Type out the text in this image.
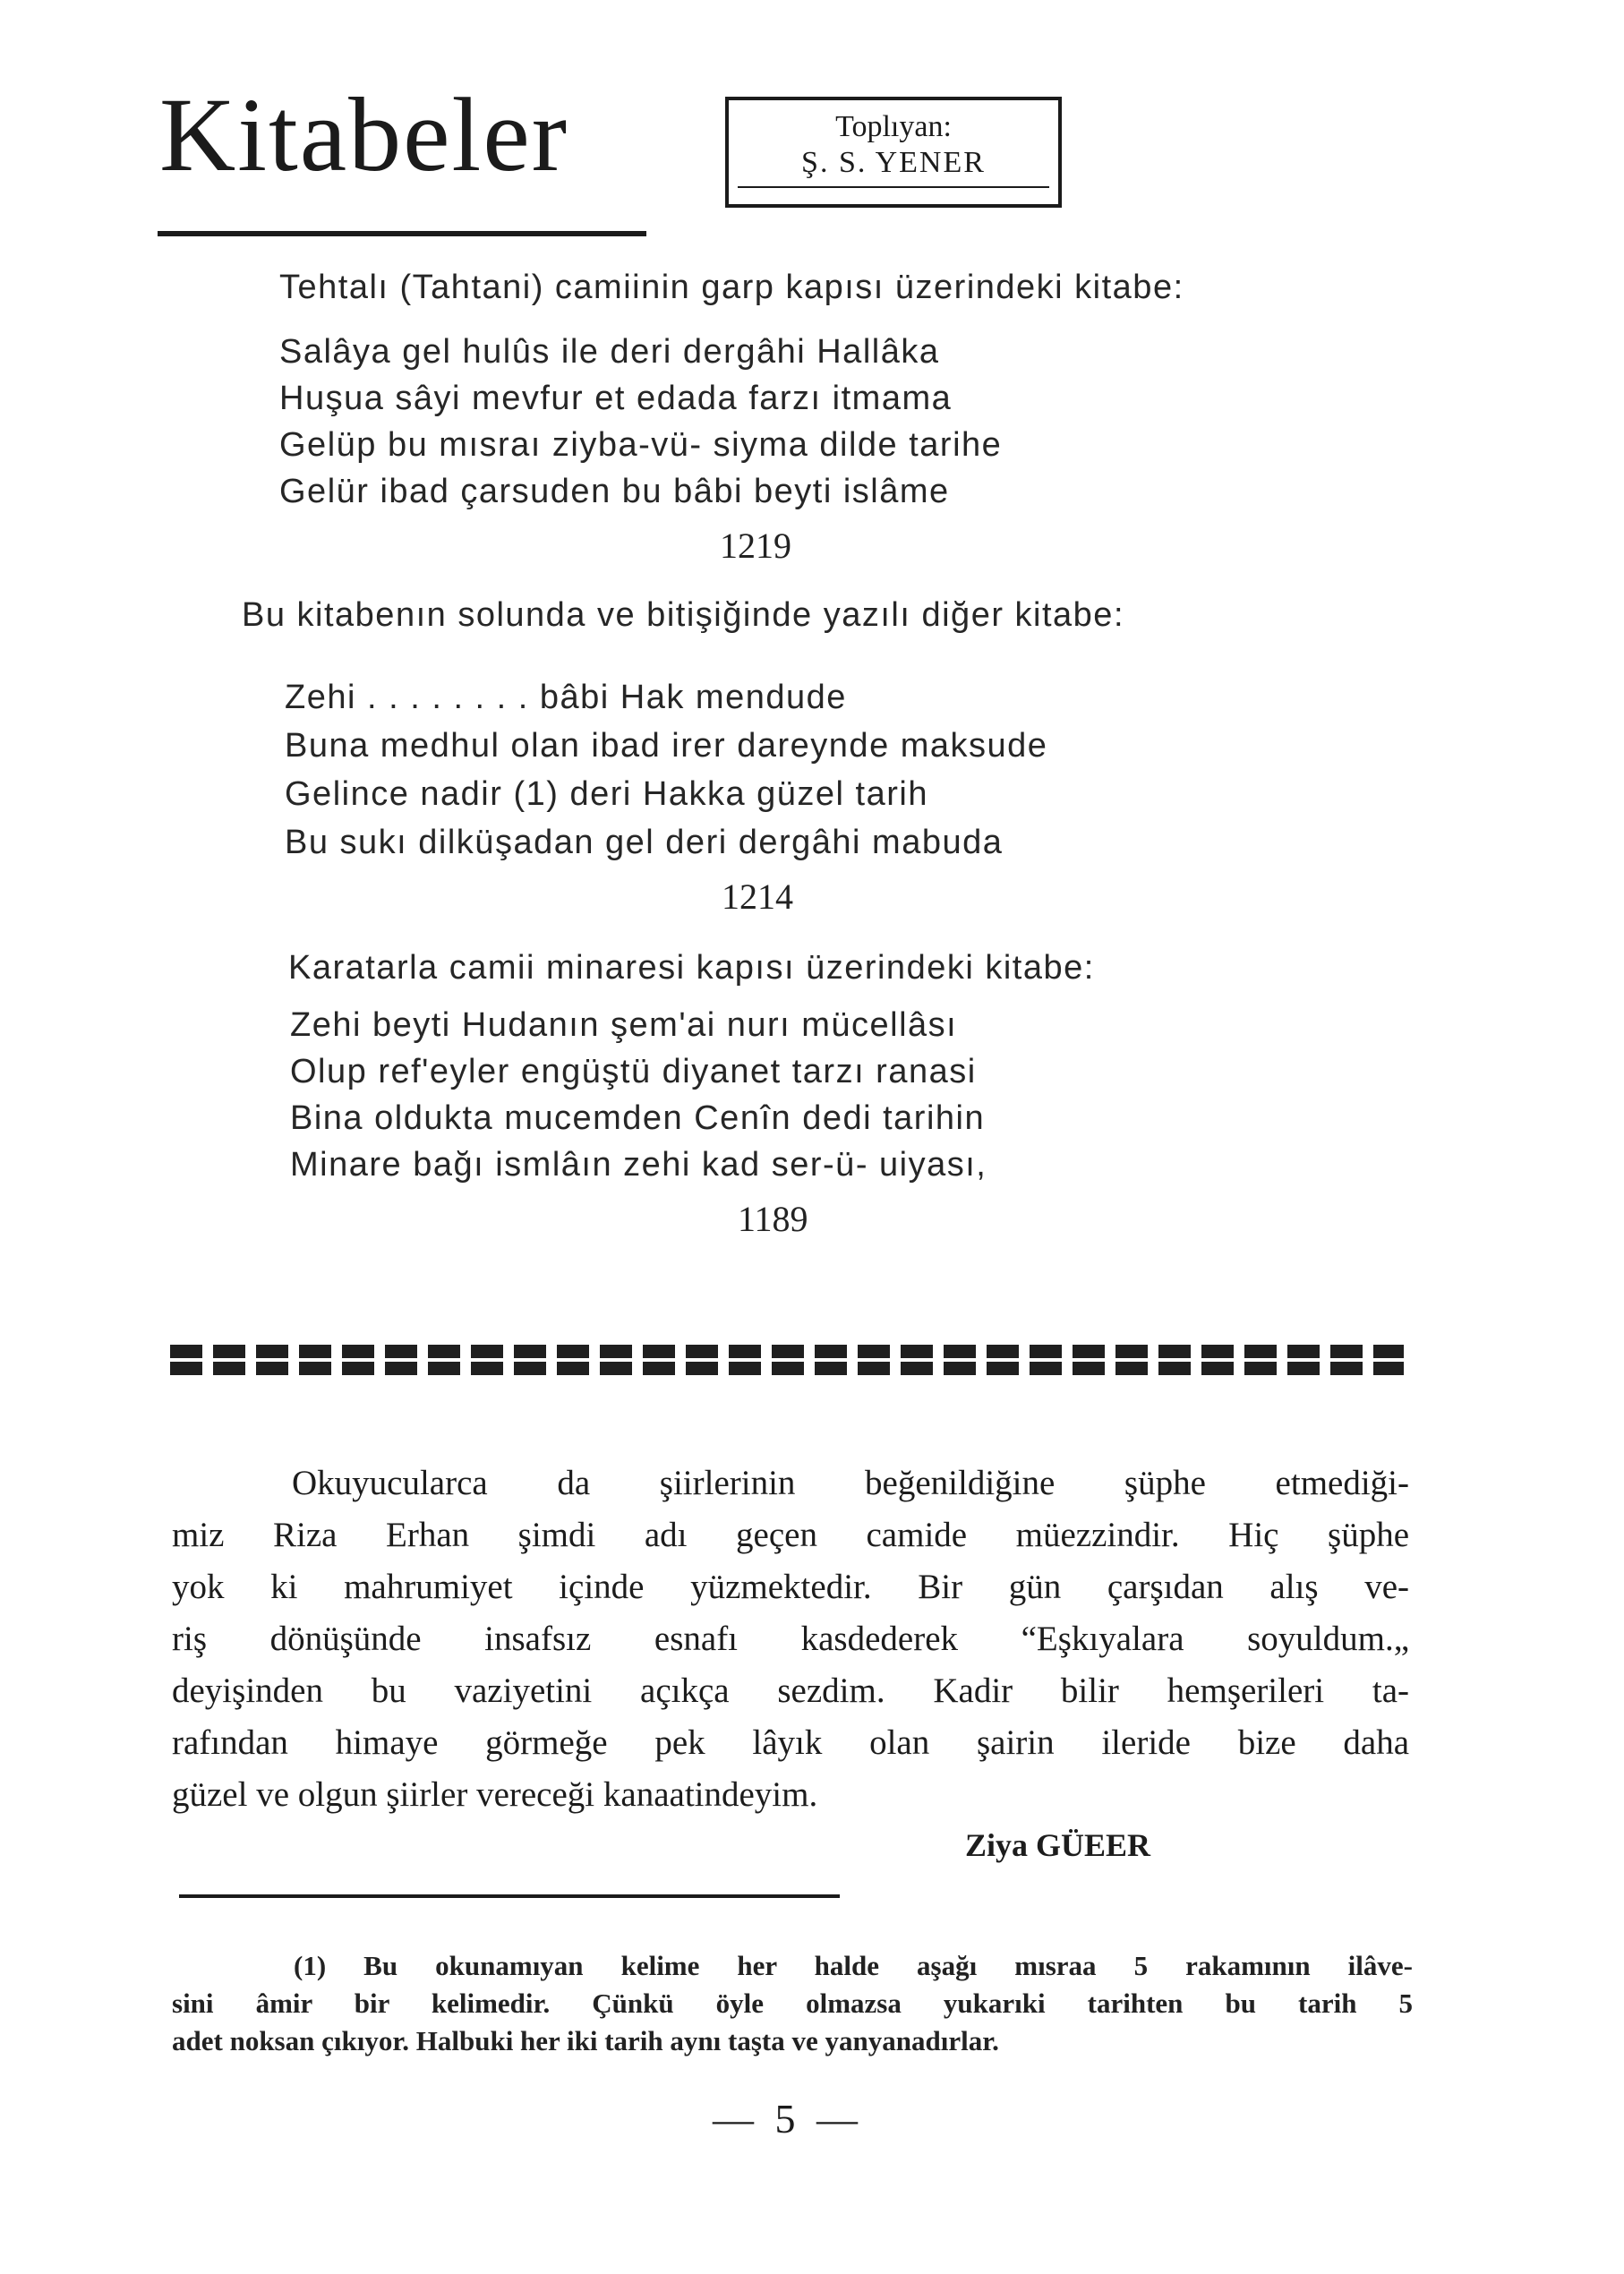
Kitabeler	Toplıyan:
Ş. S. YENER
Tehtalı (Tahtani) camiinin garp kapısı üzerindeki kitabe:
Salâya gel hulûs ile deri dergâhi Hallâka
Huşua sâyi mevfur et edada farzı itmama
Gelüp bu mısraı ziyba-vü- siyma dilde tarihe
Gelür ibad çarsuden bu bâbi beyti islâme
1219
Bu kitabenın solunda ve bitişiğinde yazılı diğer kitabe:
Zehi . . . . . . . . bâbi Hak mendude
Buna medhul olan ibad irer dareynde maksude
Gelince nadir (1) deri Hakka güzel tarih
Bu sukı dilküşadan gel deri dergâhi mabuda
1214
Karatarla camii minaresi kapısı üzerindeki kitabe:
Zehi beyti Hudanın şem'ai nurı mücellâsı
Olup ref'eyler engüştü diyanet tarzı ranasi
Bina oldukta mucemden Cenîn dedi tarihin
Minare bağı ismlâın zehi kad ser-ü- uiyası,
1189
Okuyucularca da şiirlerinin beğenildiğine şüphe etmediği-
miz Riza Erhan şimdi adı geçen camide müezzindir. Hiç şüphe
yok ki mahrumiyet içinde yüzmektedir. Bir gün çarşıdan alış ve-
riş dönüşünde insafsız esnafı kasdederek “Eşkıyalara soyuldum.„
deyişinden bu vaziyetini açıkça sezdim. Kadir bilir hemşerileri ta-
rafından himaye görmeğe pek lâyık olan şairin ileride bize daha
güzel ve olgun şiirler vereceği kanaatindeyim.
Ziya GÜEER
(1) Bu okunamıyan kelime her halde aşağı mısraa 5 rakamının ilâve-
sini âmir bir kelimedir. Çünkü öyle olmazsa yukarıki tarihten bu tarih 5
adet noksan çıkıyor. Halbuki her iki tarih aynı taşta ve yanyanadırlar.
— 5 —
